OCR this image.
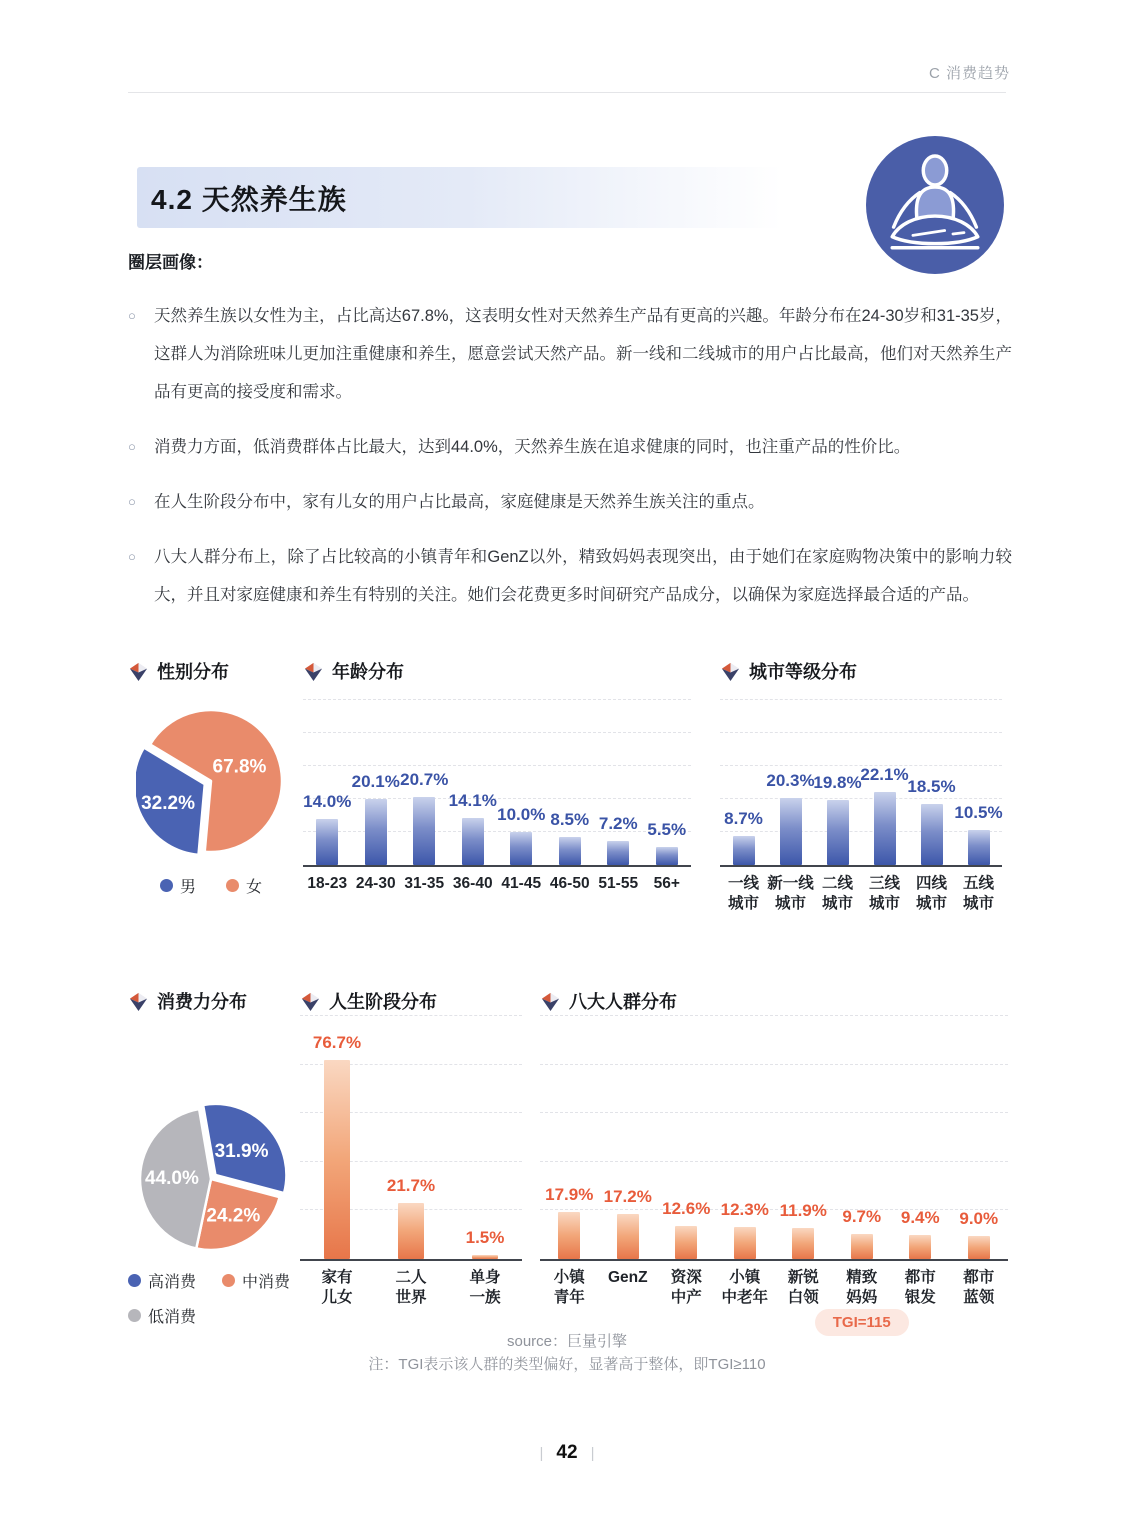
C 消费趋势
4.2 天然养生族
圈层画像：
○	天然养生族以女性为主，占比高达67.8%，这表明女性对天然养生产品有更高的兴趣。年龄分布在24-30岁和31-35岁，这群人为消除班味儿更加注重健康和养生，愿意尝试天然产品。新一线和二线城市的用户占比最高，他们对天然养生产品有更高的接受度和需求。
○	消费力方面，低消费群体占比最大，达到44.0%，天然养生族在追求健康的同时，也注重产品的性价比。
○	在人生阶段分布中，家有儿女的用户占比最高，家庭健康是天然养生族关注的重点。
○	八大人群分布上，除了占比较高的小镇青年和GenZ以外，精致妈妈表现突出，由于她们在家庭购物决策中的影响力较大，并且对家庭健康和养生有特别的关注。她们会花费更多时间研究产品成分，以确保为家庭选择最合适的产品。
性别分布
67.8%
32.2%
男	女
年龄分布
14.0%
20.1% 20.7%
14.1%
10.0% 8.5% 7.2% 5.5%
18-23 24-30 31-35 36-40 41-45 46-50 51-55	56+
城市等级分布
8.7%
20.3%
19.8%
22.1%
18.5%
10.5%
一线
城市
新一线
城市
二线
城市
三线
城市
四线
城市
五线
城市
消费力分布
31.9%
24.2%
44.0%
高消费	中消费
低消费
人生阶段分布
76.7%
21.7%
1.5%
家有
儿女
二人
世界
单身
一族
八大人群分布
17.9% 17.2%
12.6% 12.3% 11.9% 9.7% 9.4% 9.0%
小镇
青年
GenZ	资深
中产
小镇
中老年
新锐
白领
精致
妈妈
都市
银发
都市
蓝领
TGI=115
source：巨量引擎
注：TGI表示该人群的类型偏好，显著高于整体，即TGI≥110
| 42 |
